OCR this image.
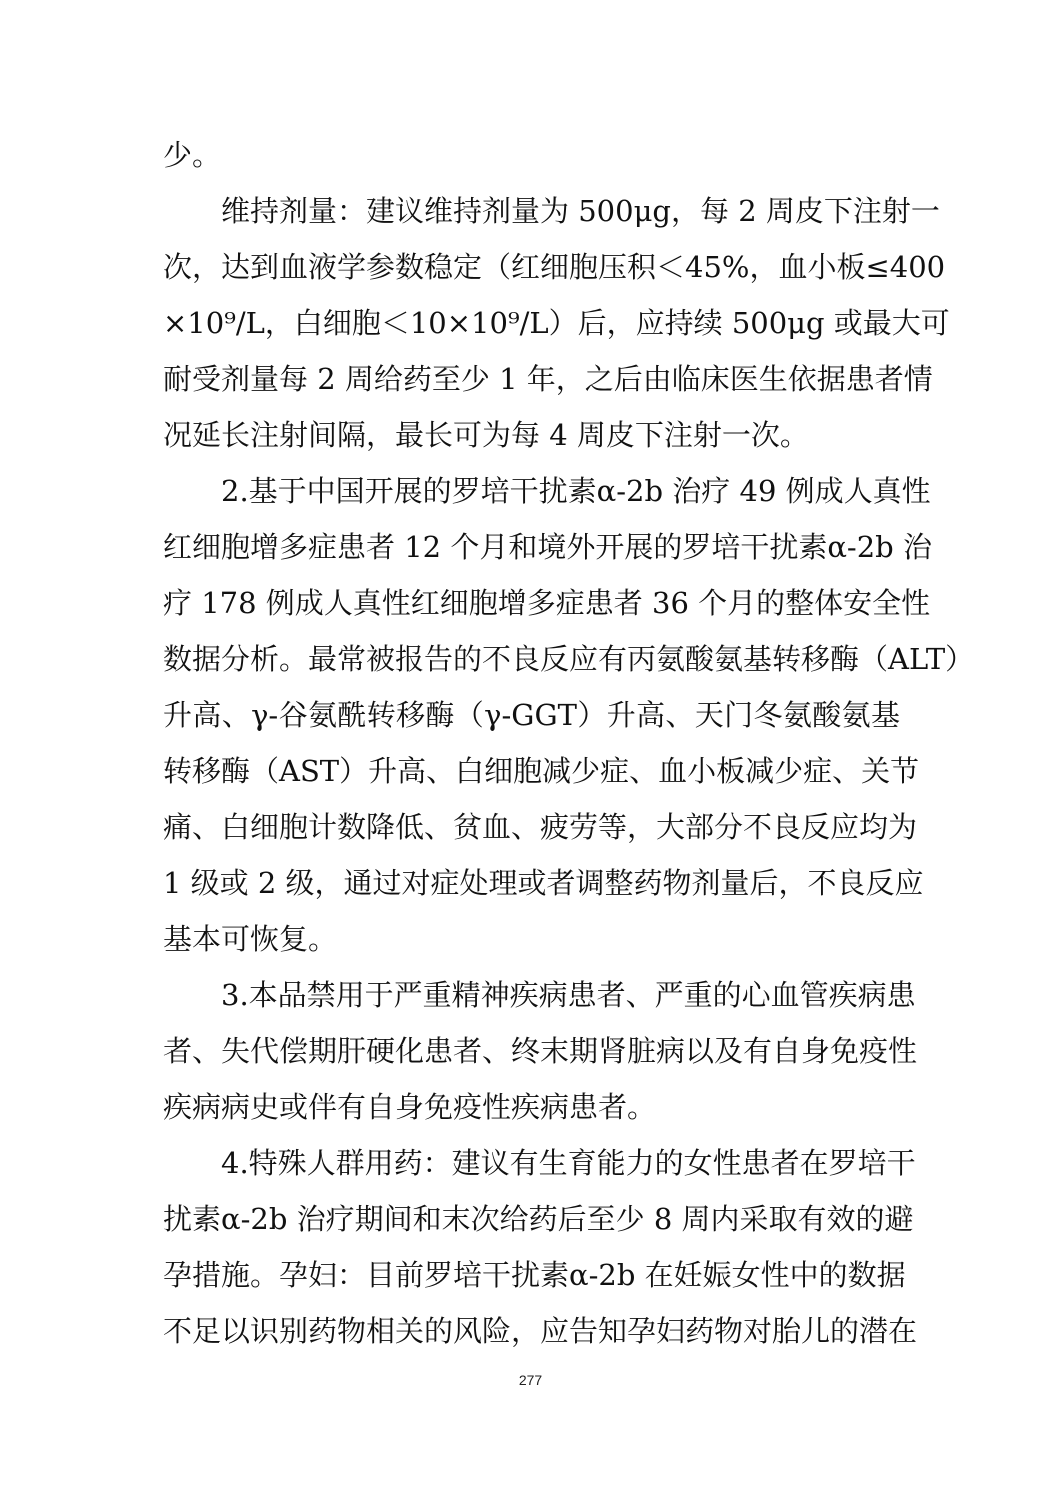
少。
维持剂量：建议维持剂量为 500μg，每 2 周皮下注射一
次，达到血液学参数稳定（红细胞压积＜45%，血小板≤400
×10⁹/L，白细胞＜10×10⁹/L）后，应持续 500μg 或最大可
耐受剂量每 2 周给药至少 1 年，之后由临床医生依据患者情
况延长注射间隔，最长可为每 4 周皮下注射一次。
2.基于中国开展的罗培干扰素α-2b 治疗 49 例成人真性
红细胞增多症患者 12 个月和境外开展的罗培干扰素α-2b 治
疗 178 例成人真性红细胞增多症患者 36 个月的整体安全性
数据分析。最常被报告的不良反应有丙氨酸氨基转移酶（ALT）
升高、γ-谷氨酰转移酶（γ-GGT）升高、天门冬氨酸氨基
转移酶（AST）升高、白细胞减少症、血小板减少症、关节
痛、白细胞计数降低、贫血、疲劳等，大部分不良反应均为
1 级或 2 级，通过对症处理或者调整药物剂量后，不良反应
基本可恢复。
3.本品禁用于严重精神疾病患者、严重的心血管疾病患
者、失代偿期肝硬化患者、终末期肾脏病以及有自身免疫性
疾病病史或伴有自身免疫性疾病患者。
4.特殊人群用药：建议有生育能力的女性患者在罗培干
扰素α-2b 治疗期间和末次给药后至少 8 周内采取有效的避
孕措施。孕妇：目前罗培干扰素α-2b 在妊娠女性中的数据
不足以识别药物相关的风险，应告知孕妇药物对胎儿的潜在
277
